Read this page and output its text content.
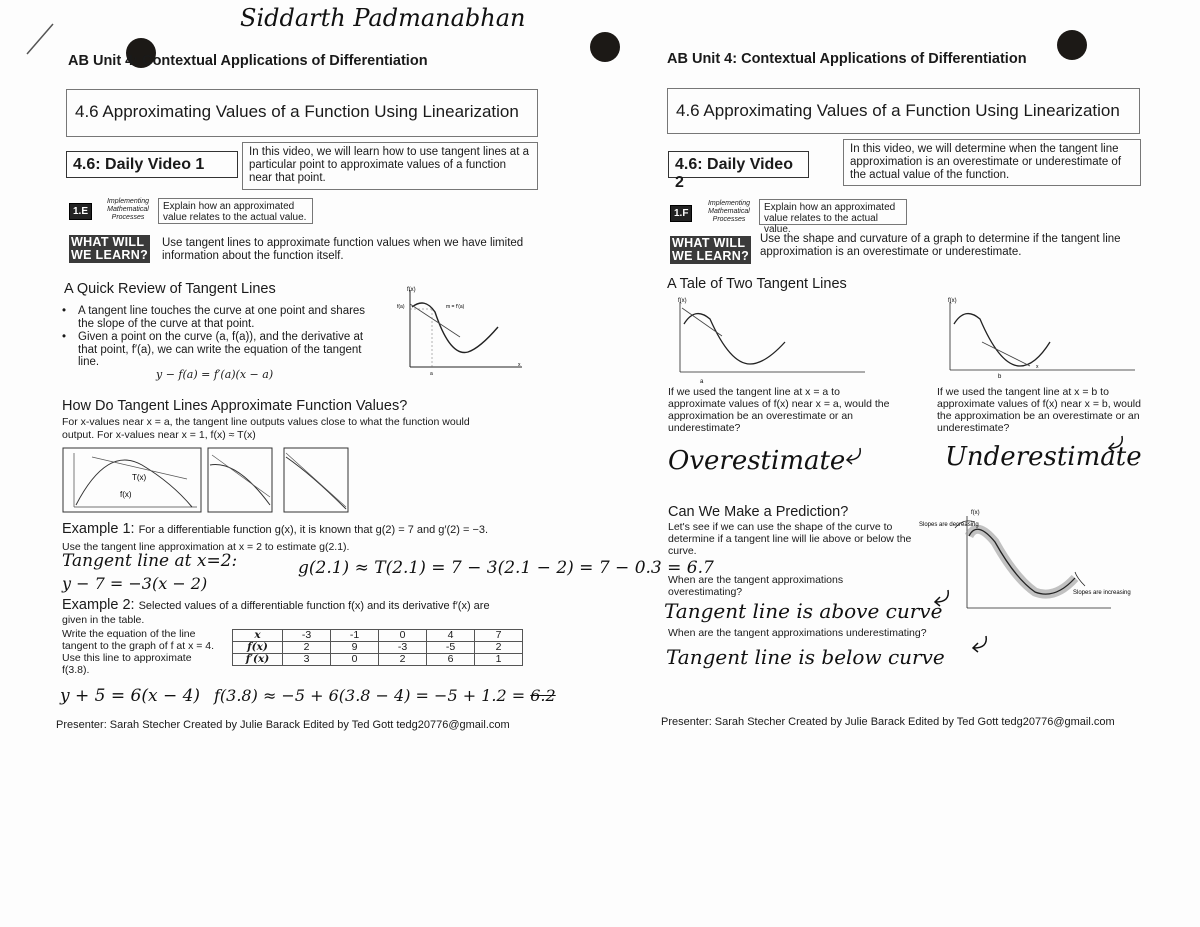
Siddarth Padmanabhan
AB Unit 4: Contextual Applications of Differentiation
4.6 Approximating Values of a Function Using Linearization
4.6: Daily Video 1
In this video, we will learn how to use tangent lines at a particular point to approximate values of a function near that point.
1.E
Implementing Mathematical Processes
Explain how an approximated value relates to the actual value.
WHAT WILL
WE LEARN?
Use tangent lines to approximate function values when we have limited information about the function itself.
A Quick Review of Tangent Lines
• A tangent line touches the curve at one point and shares the slope of the curve at that point.
• Given a point on the curve (a, f(a)), and the derivative at that point, f′(a), we can write the equation of the tangent line.
y − f(a) = f′(a)(x − a)
f(x)
f(a)	m = f′(a)
a
x
How Do Tangent Lines Approximate Function Values?
For x-values near x = a, the tangent line outputs values close to what the function would
output. For x-values near x = 1, f(x) ≈ T(x)
T(x)
f(x)
Example 1: For a differentiable function g(x), it is known that g(2) = 7 and g′(2) = −3.
Use the tangent line approximation at x = 2 to estimate g(2.1).
Tangent line at x=2:	g(2.1) ≈ T(2.1) = 7 − 3(2.1 − 2) = 7 − 0.3 = 6.7
y − 7 = −3(x − 2)
Example 2: Selected values of a differentiable function f(x) and its derivative f′(x) are
given in the table.
Write the equation of the line tangent to the graph of f at x = 4. Use this line to approximate f(3.8).
x	-3	-1	0	4	7
f(x)	2	9	-3	-5	2
f′(x)	3	0	2	6	1
y + 5 = 6(x − 4) f(3.8) ≈ −5 + 6(3.8 − 4) = −5 + 1.2 = 6.2
Presenter: Sarah Stecher Created by Julie Barack Edited by Ted Gott tedg20776@gmail.com
AB Unit 4: Contextual Applications of Differentiation
4.6 Approximating Values of a Function Using Linearization
4.6: Daily Video 2
In this video, we will determine when the tangent line approximation is an overestimate or underestimate of the actual value of the function.
1.F
Implementing Mathematical Processes
Explain how an approximated value relates to the actual value.
WHAT WILL
WE LEARN?
Use the shape and curvature of a graph to determine if the tangent line approximation is an overestimate or underestimate.
A Tale of Two Tangent Lines
f(x)
a
f(x)
b
x
If we used the tangent line at x = a to approximate values of f(x) near x = a, would the approximation be an overestimate or an underestimate?
If we used the tangent line at x = b to approximate values of f(x) near x = b, would the approximation be an overestimate or an underestimate?
Overestimate	Underestimate
Can We Make a Prediction?
Let's see if we can use the shape of the curve to determine if a tangent line will lie above or below the curve.
f(x)
Slopes are decreasing
Slopes are increasing
When are the tangent approximations overestimating?
Tangent line is above curve
When are the tangent approximations underestimating?
Tangent line is below curve
Presenter: Sarah Stecher Created by Julie Barack Edited by Ted Gott tedg20776@gmail.com
